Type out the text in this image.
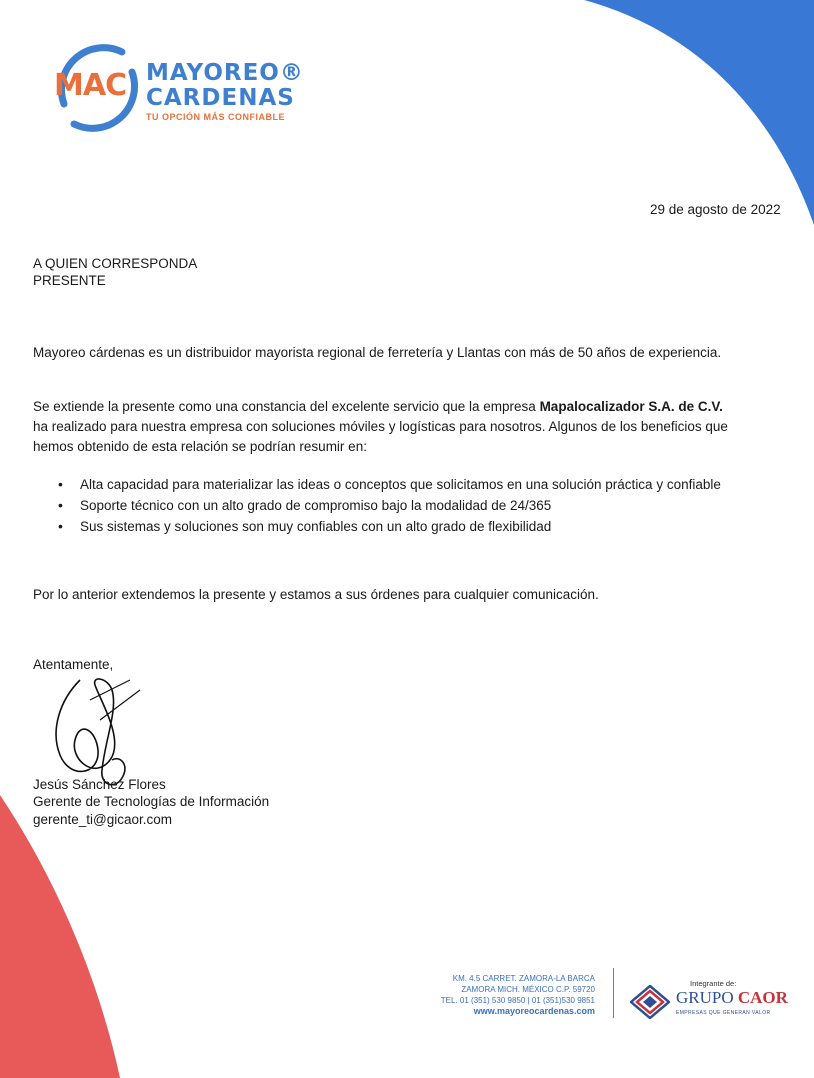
MAC MAYOREO®
CARDENAS
TU OPCIÓN MÁS CONFIABLE
29 de agosto de 2022
A QUIEN CORRESPONDA
PRESENTE
Mayoreo cárdenas es un distribuidor mayorista regional de ferretería y Llantas con más de 50 años de experiencia.
Se extiende la presente como una constancia del excelente servicio que la empresa Mapalocalizador S.A. de C.V. ha realizado para nuestra empresa con soluciones móviles y logísticas para nosotros. Algunos de los beneficios que hemos obtenido de esta relación se podrían resumir en:
• Alta capacidad para materializar las ideas o conceptos que solicitamos en una solución práctica y confiable
• Soporte técnico con un alto grado de compromiso bajo la modalidad de 24/365
• Sus sistemas y soluciones son muy confiables con un alto grado de flexibilidad
Por lo anterior extendemos la presente y estamos a sus órdenes para cualquier comunicación.
Atentamente,
Jesús Sánchez Flores
Gerente de Tecnologías de Información
gerente_ti@gicaor.com
KM. 4.5 CARRET. ZAMORA-LA BARCA
ZAMORA MICH. MÉXICO C.P. 59720
TEL. 01 (351) 530 9850 | 01 (351)530 9851
www.mayoreocardenas.com
Integrante de:
GRUPO CAOR
EMPRESAS QUE GENERAN VALOR
